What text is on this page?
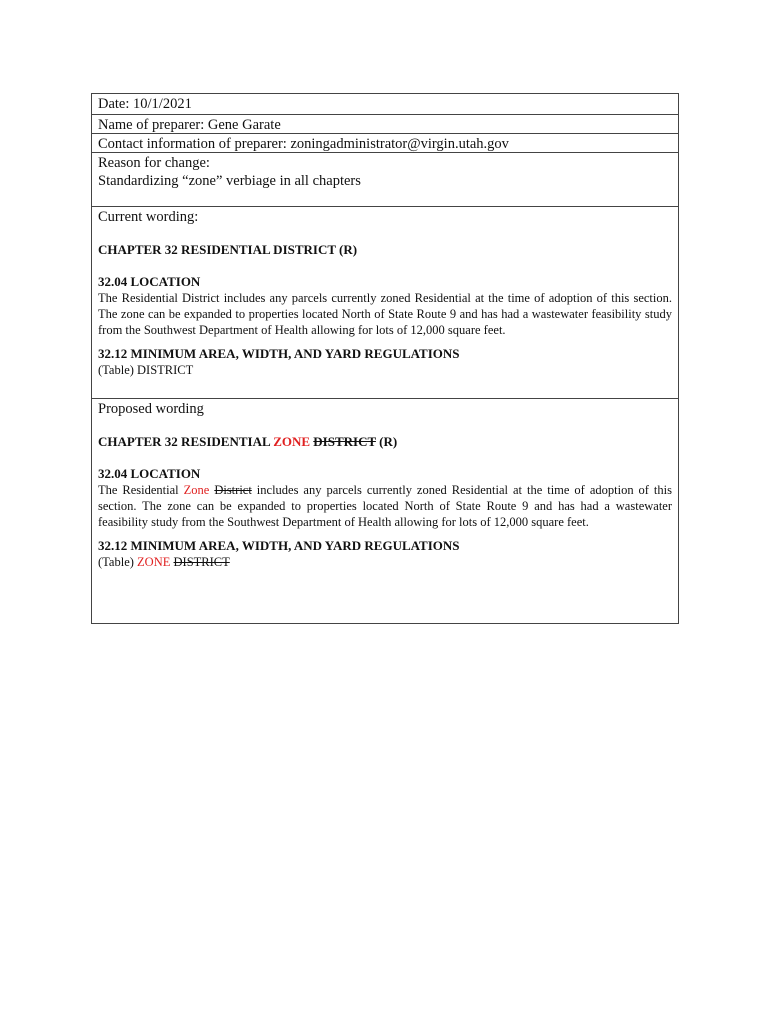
Date: 10/1/2021
Name of preparer: Gene Garate
Contact information of preparer: zoningadministrator@virgin.utah.gov
Reason for change:
Standardizing “zone” verbiage in all chapters
Current wording:

CHAPTER 32 RESIDENTIAL DISTRICT (R)

32.04 LOCATION

The Residential District includes any parcels currently zoned Residential at the time of adoption of this section. The zone can be expanded to properties located North of State Route 9 and has had a wastewater feasibility study from the Southwest Department of Health allowing for lots of 12,000 square feet.

32.12 MINIMUM AREA, WIDTH, AND YARD REGULATIONS

(Table) DISTRICT

Proposed wording

CHAPTER 32 RESIDENTIAL ZONE DISTRICT (R)

32.04 LOCATION

The Residential Zone District includes any parcels currently zoned Residential at the time of adoption of this section. The zone can be expanded to properties located North of State Route 9 and has had a wastewater feasibility study from the Southwest Department of Health allowing for lots of 12,000 square feet.

32.12 MINIMUM AREA, WIDTH, AND YARD REGULATIONS

(Table) ZONE DISTRICT
